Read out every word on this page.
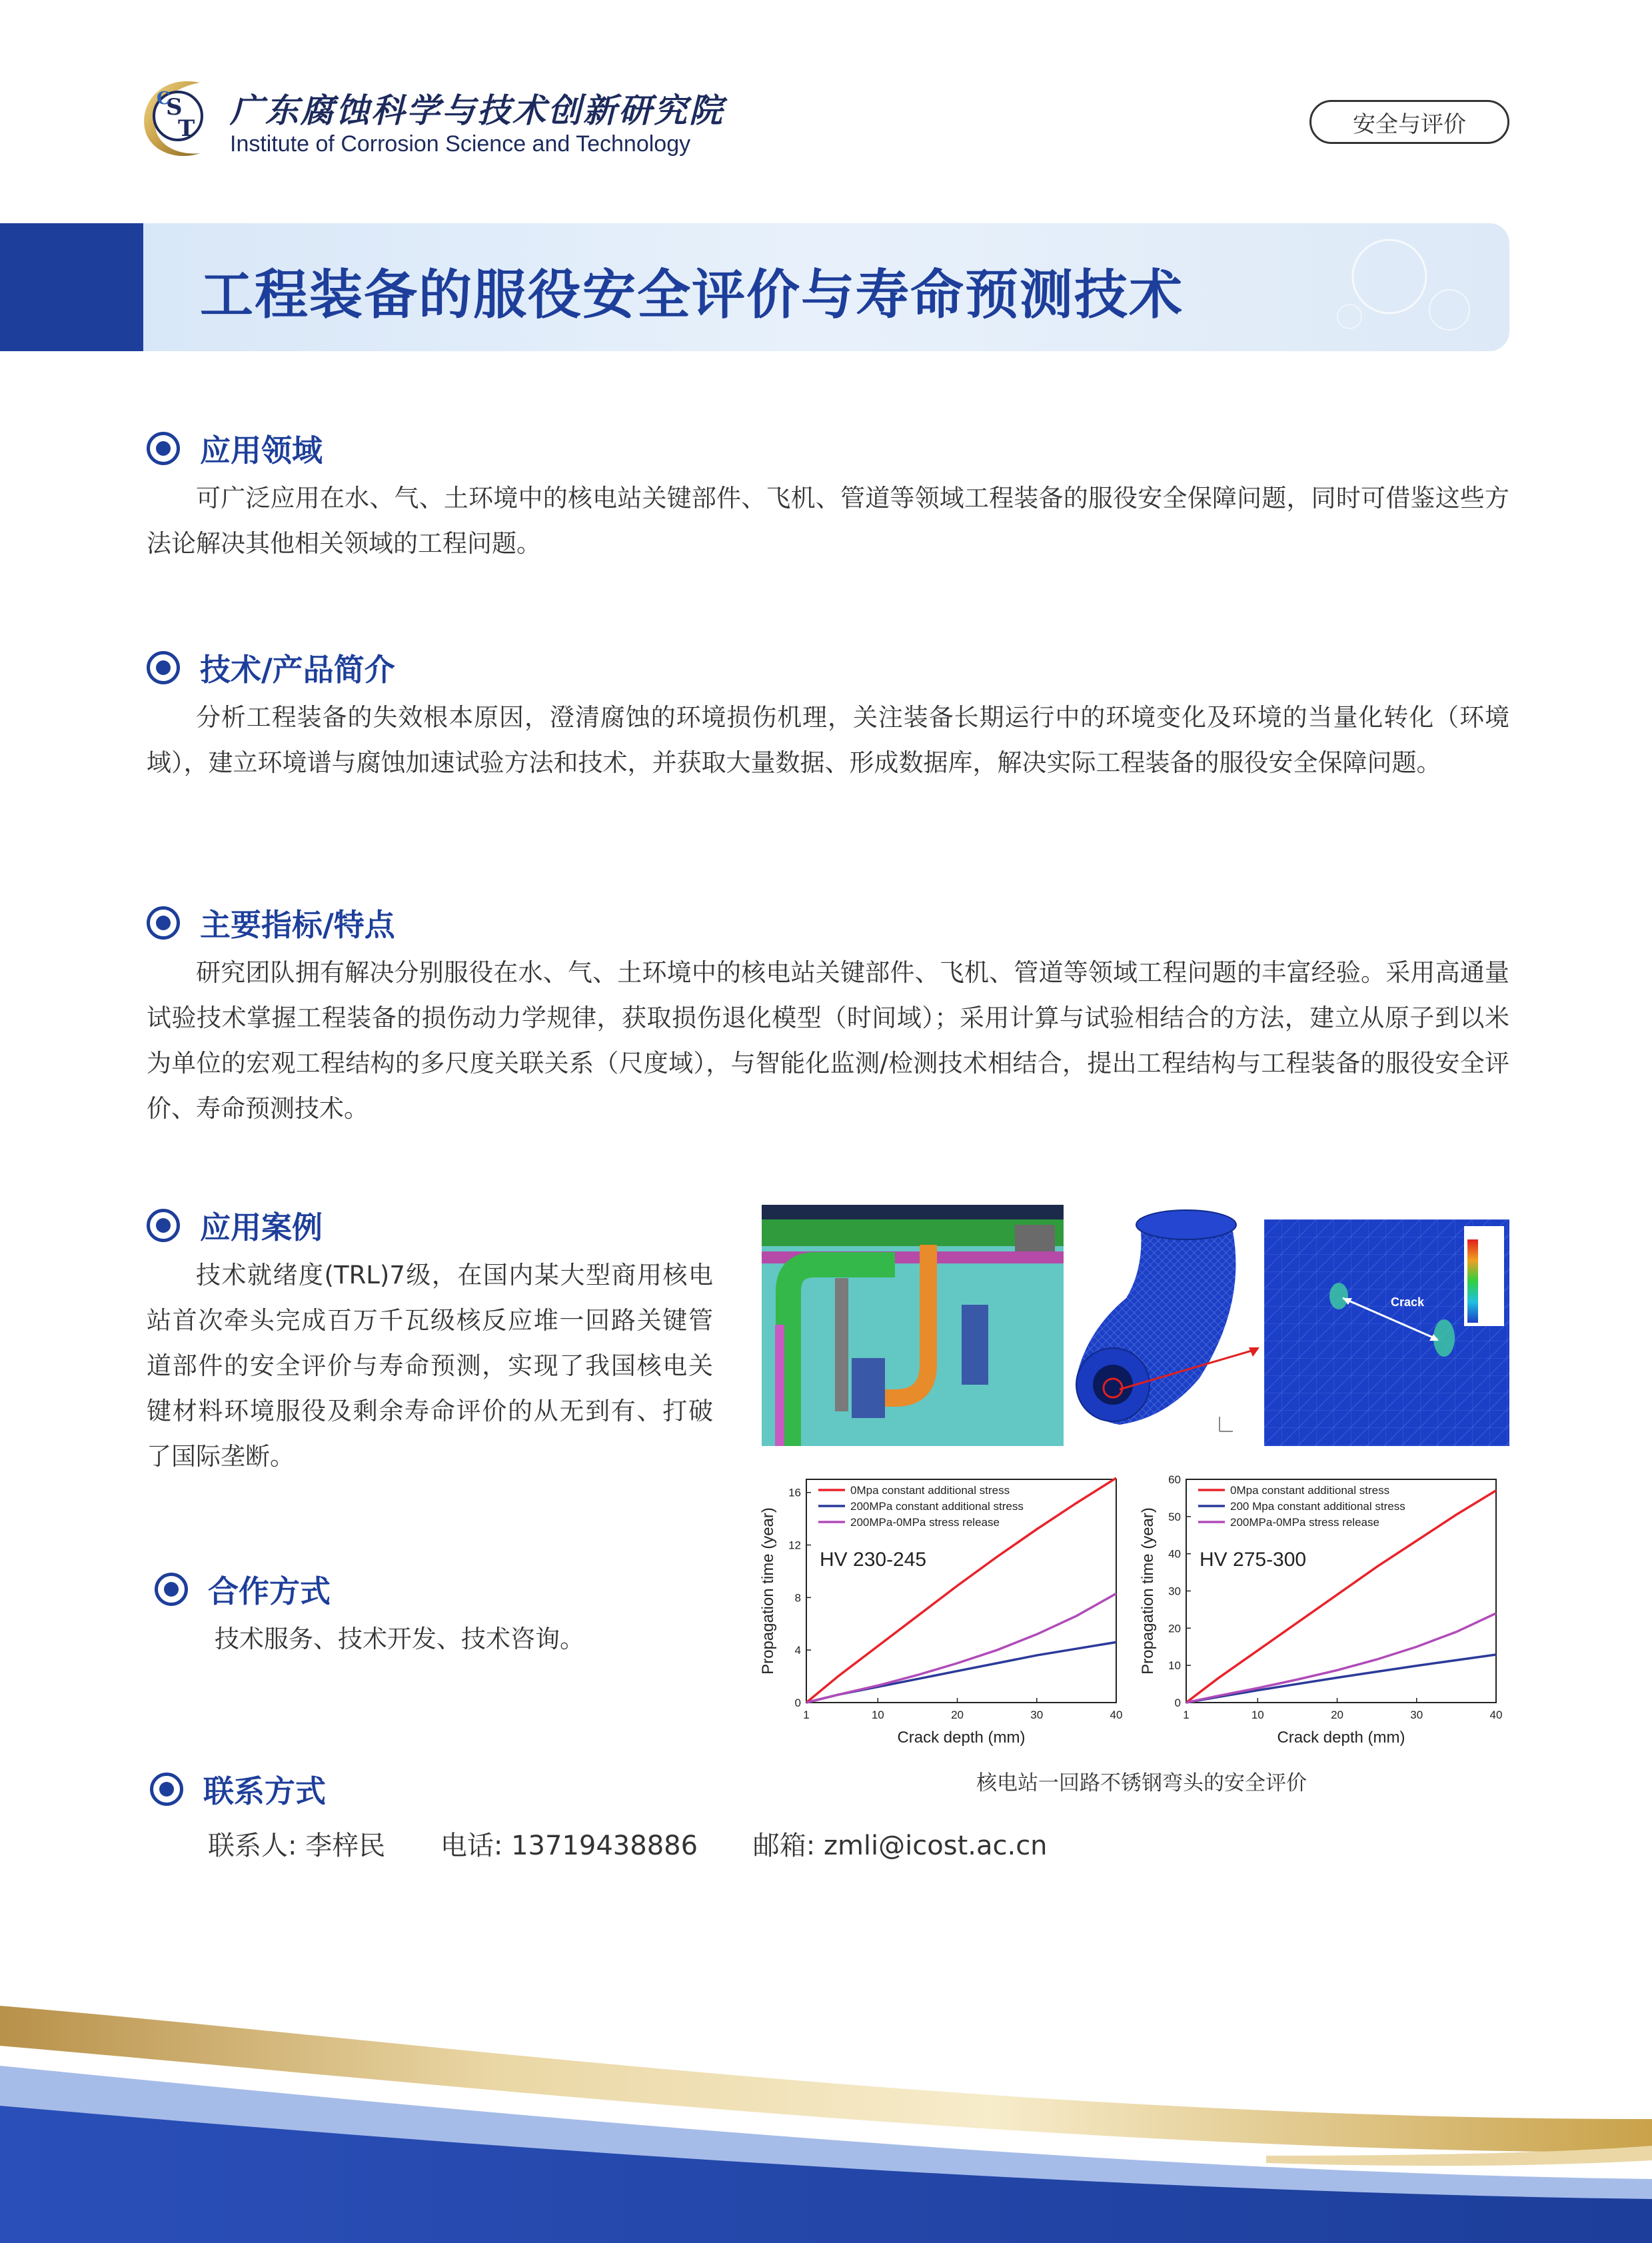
S
T
C 广东腐蚀科学与技术创新研究院
Institute of Corrosion Science and Technology
安全与评价
工程装备的服役安全评价与寿命预测技术
应用领域
可广泛应用在水、气、土环境中的核电站关键部件、飞机、管道等领域工程装备的服役安全保障问题，同时可借鉴这些方法论解决其他相关领域的工程问题。
技术/产品简介
分析工程装备的失效根本原因，澄清腐蚀的环境损伤机理，关注装备长期运行中的环境变化及环境的当量化转化（环境域），建立环境谱与腐蚀加速试验方法和技术，并获取大量数据、形成数据库，解决实际工程装备的服役安全保障问题。
主要指标/特点
研究团队拥有解决分别服役在水、气、土环境中的核电站关键部件、飞机、管道等领域工程问题的丰富经验。采用高通量试验技术掌握工程装备的损伤动力学规律，获取损伤退化模型（时间域）；采用计算与试验相结合的方法，建立从原子到以米为单位的宏观工程结构的多尺度关联关系（尺度域），与智能化监测/检测技术相结合，提出工程结构与工程装备的服役安全评价、寿命预测技术。
应用案例
技术就绪度(TRL)7级，在国内某大型商用核电站首次牵头完成百万千瓦级核反应堆一回路关键管道部件的安全评价与寿命预测，实现了我国核电关键材料环境服役及剩余寿命评价的从无到有、打破了国际垄断。
合作方式
技术服务、技术开发、技术咨询。
联系方式
联系人: 李梓民 电话: 13719438886 邮箱: zmli@icost.ac.cn
Crack
1	10	20	30	40
0
4
8
12
16
Crack depth (mm)
Propagation time (year)
0Mpa constant additional stress
200MPa constant additional stress
200MPa-0MPa stress release
HV 230-245
1	10	20	30	40
0
10
20
30
40
50
60
Crack depth (mm)
Propagation time (year)
0Mpa constant additional stress
200 Mpa constant additional stress
200MPa-0MPa stress release
HV 275-300
核电站一回路不锈钢弯头的安全评价
